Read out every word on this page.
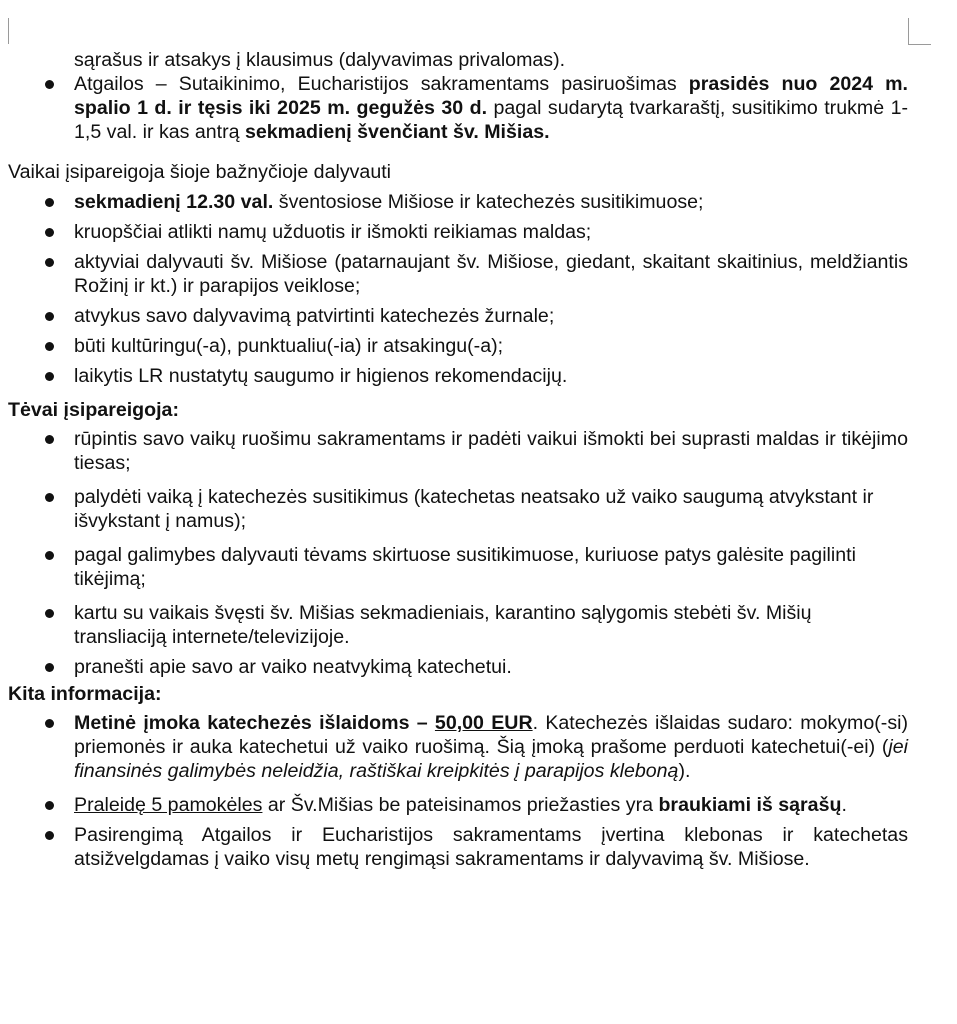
sąrašus ir atsakys į klausimus (dalyvavimas privalomas).
Atgailos – Sutaikinimo, Eucharistijos sakramentams pasiruošimas prasidės nuo 2024 m. spalio 1 d. ir tęsis iki 2025 m. gegužės 30 d. pagal sudarytą tvarkaraštį, susitikimo trukmė 1-1,5 val. ir kas antrą sekmadienį švenčiant šv. Mišias.

Vaikai įsipareigoja šioje bažnyčioje dalyvauti

sekmadienį 12.30 val. šventosiose Mišiose ir katechezės susitikimuose;
kruopščiai atlikti namų užduotis ir išmokti reikiamas maldas;
aktyviai dalyvauti šv. Mišiose (patarnaujant šv. Mišiose, giedant, skaitant skaitinius, meldžiantis Rožinį ir kt.) ir parapijos veiklose;
atvykus savo dalyvavimą patvirtinti katechezės žurnale;
būti kultūringu(-a), punktualiu(-ia) ir atsakingu(-a);
laikytis LR nustatytų saugumo ir higienos rekomendacijų.

Tėvai įsipareigoja:

rūpintis savo vaikų ruošimu sakramentams ir padėti vaikui išmokti bei suprasti maldas ir tikėjimo tiesas;
palydėti vaiką į katechezės susitikimus (katechetas neatsako už vaiko saugumą atvykstant ir išvykstant į namus);
pagal galimybes dalyvauti tėvams skirtuose susitikimuose, kuriuose patys galėsite pagilinti tikėjimą;
kartu su vaikais švęsti šv. Mišias sekmadieniais, karantino sąlygomis stebėti šv. Mišių transliaciją internete/televizijoje.
pranešti apie savo ar vaiko neatvykimą katechetui.

Kita informacija:

Metinė įmoka katechezės išlaidoms – 50,00 EUR. Katechezės išlaidas sudaro: mokymo(-si) priemonės ir auka katechetui už vaiko ruošimą. Šią įmoką prašome perduoti katechetui(-ei) (jei finansinės galimybės neleidžia, raštiškai kreipkitės į parapijos kleboną).
Praleidę 5 pamokėles ar Šv.Mišias be pateisinamos priežasties yra braukiami iš sąrašų.
Pasirengimą Atgailos ir Eucharistijos sakramentams įvertina klebonas ir katechetas atsižvelgdamas į vaiko visų metų rengimąsi sakramentams ir dalyvavimą šv. Mišiose.
